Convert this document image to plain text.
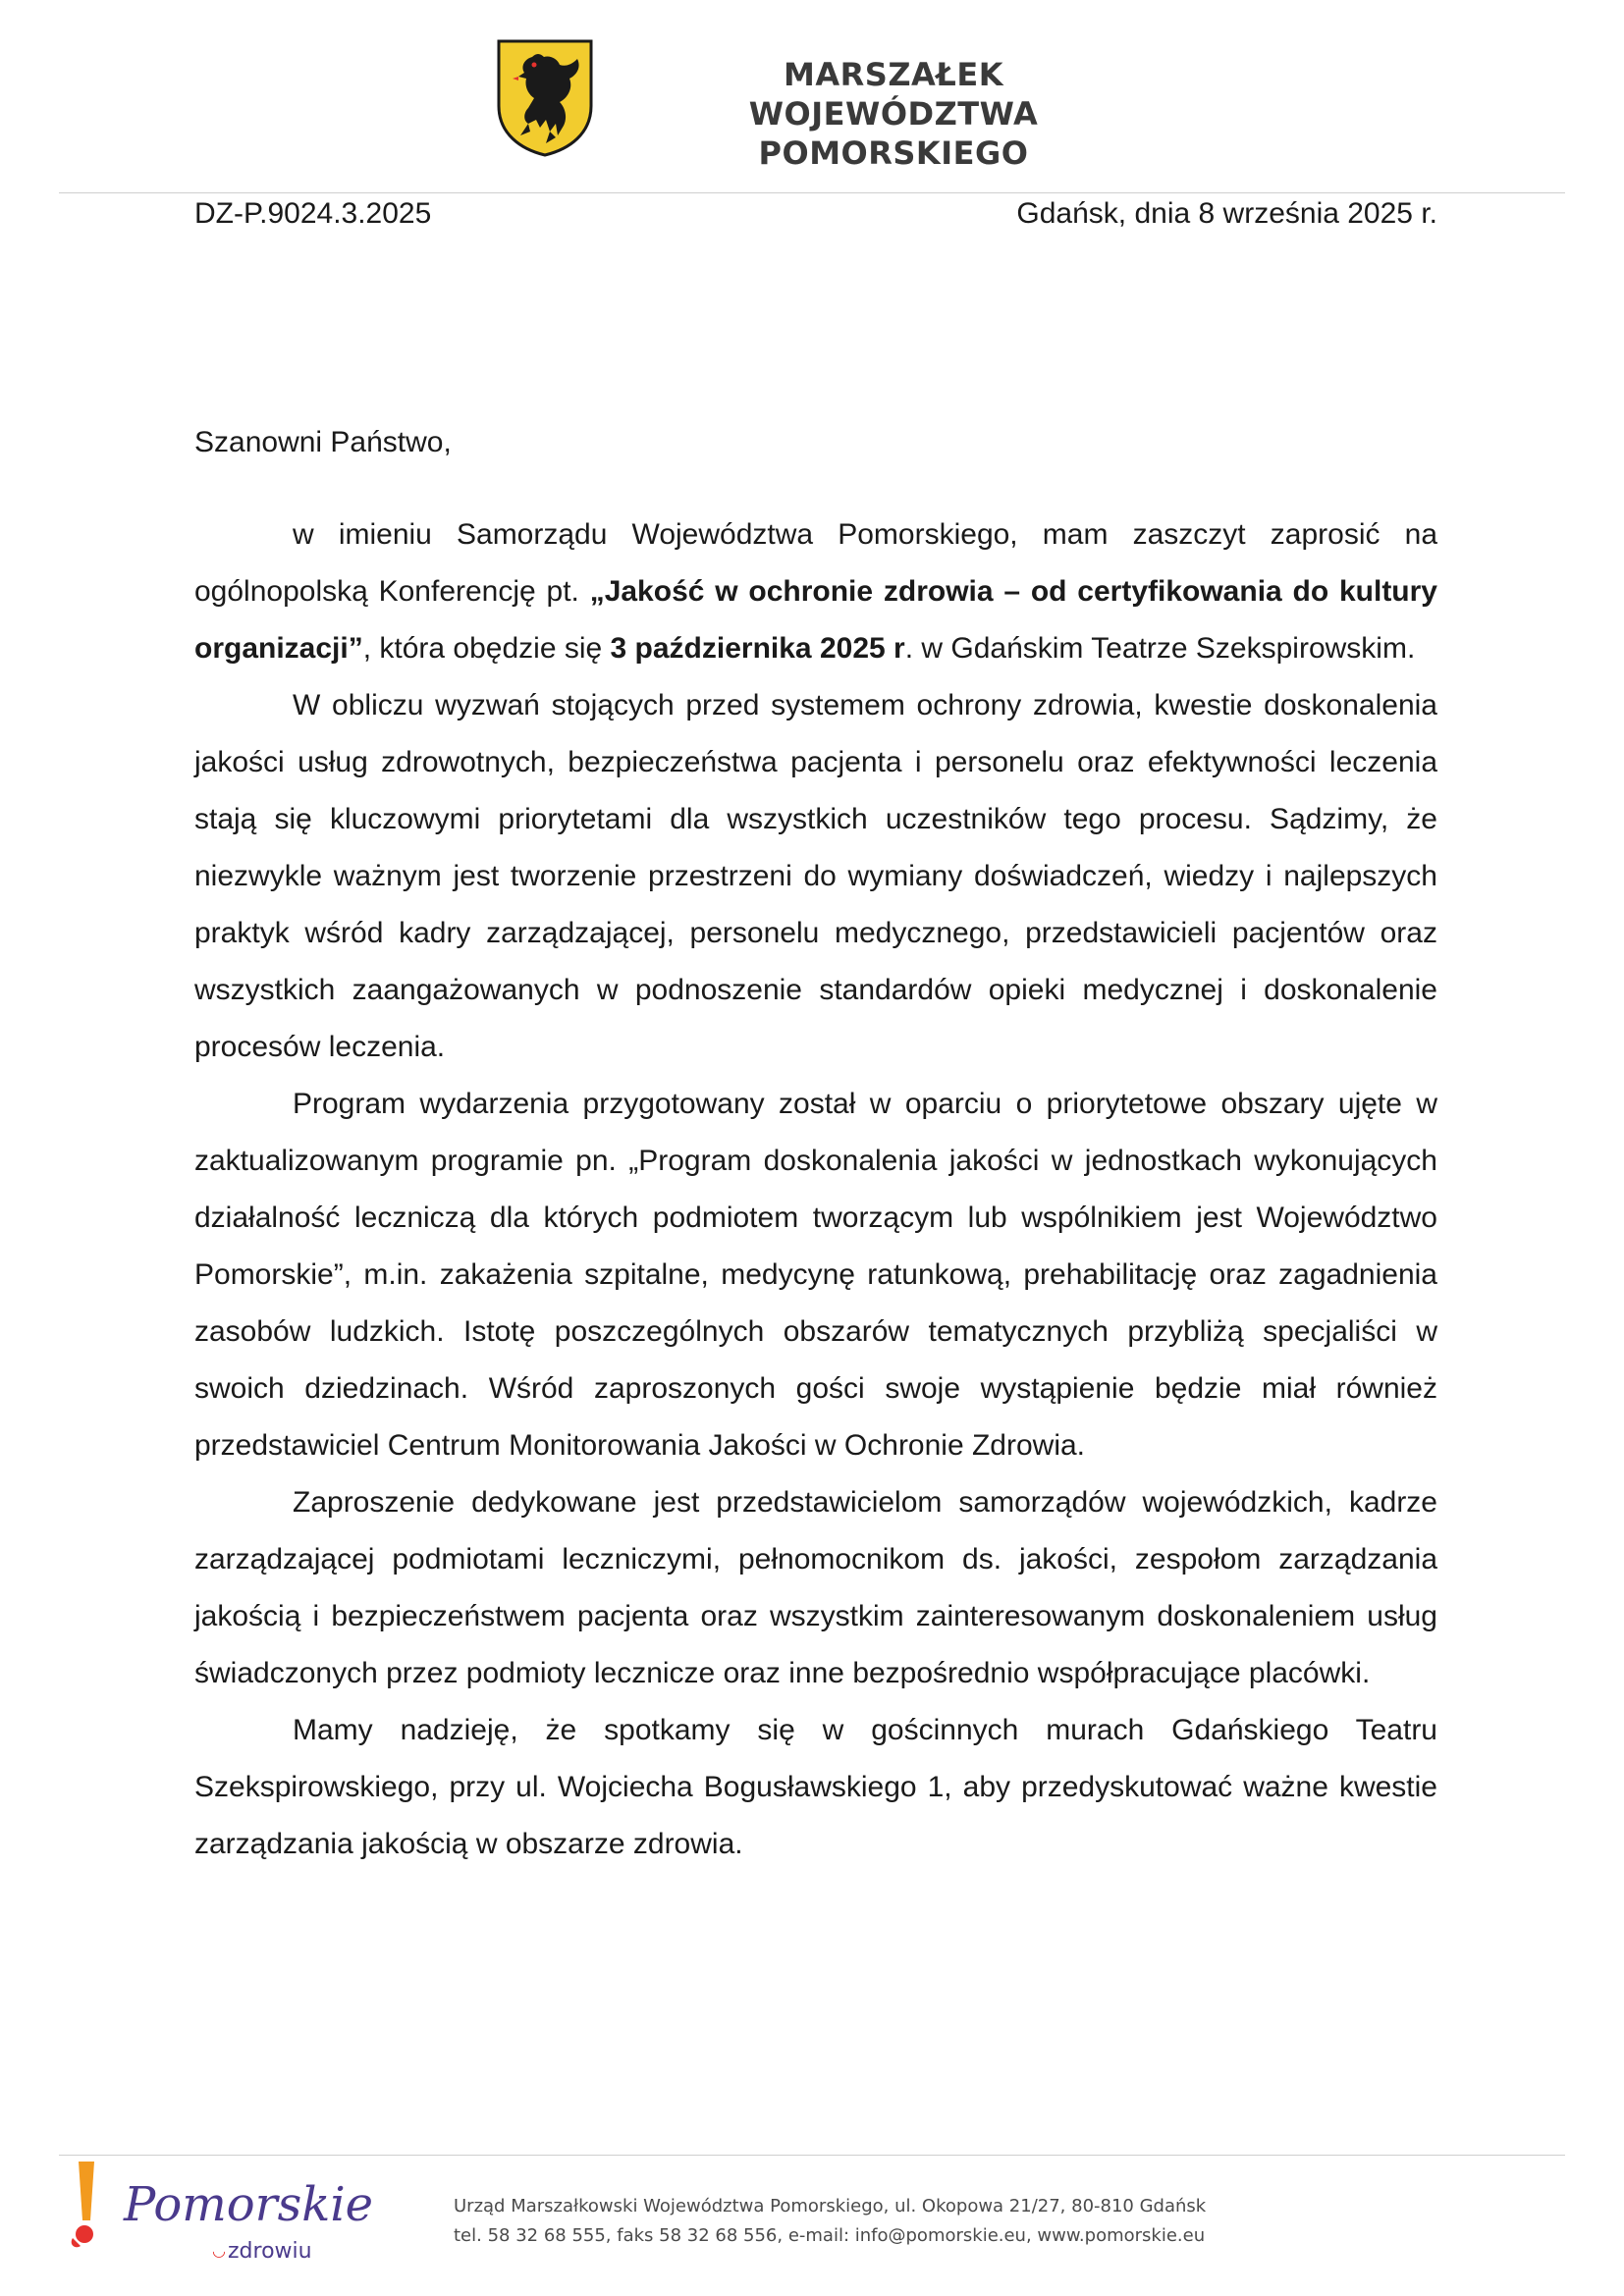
MARSZAŁEK
WOJEWÓDZTWA POMORSKIEGO
DZ-P.9024.3.2025	Gdańsk, dnia 8 września 2025 r.
Szanowni Państwo,

w imieniu Samorządu Województwa Pomorskiego, mam zaszczyt zaprosić na ogólnopolską Konferencję pt. „Jakość w ochronie zdrowia – od certyfikowania do kultury organizacji”, która obędzie się 3 października 2025 r. w Gdańskim Teatrze Szekspirowskim.

W obliczu wyzwań stojących przed systemem ochrony zdrowia, kwestie doskonalenia jakości usług zdrowotnych, bezpieczeństwa pacjenta i personelu oraz efektywności leczenia stają się kluczowymi priorytetami dla wszystkich uczestników tego procesu. Sądzimy, że niezwykle ważnym jest tworzenie przestrzeni do wymiany doświadczeń, wiedzy i najlepszych praktyk wśród kadry zarządzającej, personelu medycznego, przedstawicieli pacjentów oraz wszystkich zaangażowanych w podnoszenie standardów opieki medycznej i doskonalenie procesów leczenia.

Program wydarzenia przygotowany został w oparciu o priorytetowe obszary ujęte w zaktualizowanym programie pn. „Program doskonalenia jakości w jednostkach wykonujących działalność leczniczą dla których podmiotem tworzącym lub wspólnikiem jest Województwo Pomorskie”, m.in. zakażenia szpitalne, medycynę ratunkową, prehabilitację oraz zagadnienia zasobów ludzkich. Istotę poszczególnych obszarów tematycznych przybliżą specjaliści w swoich dziedzinach. Wśród zaproszonych gości swoje wystąpienie będzie miał również przedstawiciel Centrum Monitorowania Jakości w Ochronie Zdrowia.

Zaproszenie dedykowane jest przedstawicielom samorządów wojewódzkich, kadrze zarządzającej podmiotami leczniczymi, pełnomocnikom ds. jakości, zespołom zarządzania jakością i bezpieczeństwem pacjenta oraz wszystkim zainteresowanym doskonaleniem usług świadczonych przez podmioty lecznicze oraz inne bezpośrednio współpracujące placówki.

Mamy nadzieję, że spotkamy się w gościnnych murach Gdańskiego Teatru Szekspirowskiego, przy ul. Wojciecha Bogusławskiego 1, aby przedyskutować ważne kwestie zarządzania jakością w obszarze zdrowia.

Pomorskie
◡ zdrowiu
Urząd Marszałkowski Województwa Pomorskiego, ul. Okopowa 21/27, 80-810 Gdańsk
tel. 58 32 68 555, faks 58 32 68 556, e-mail: info@pomorskie.eu, www.pomorskie.eu
